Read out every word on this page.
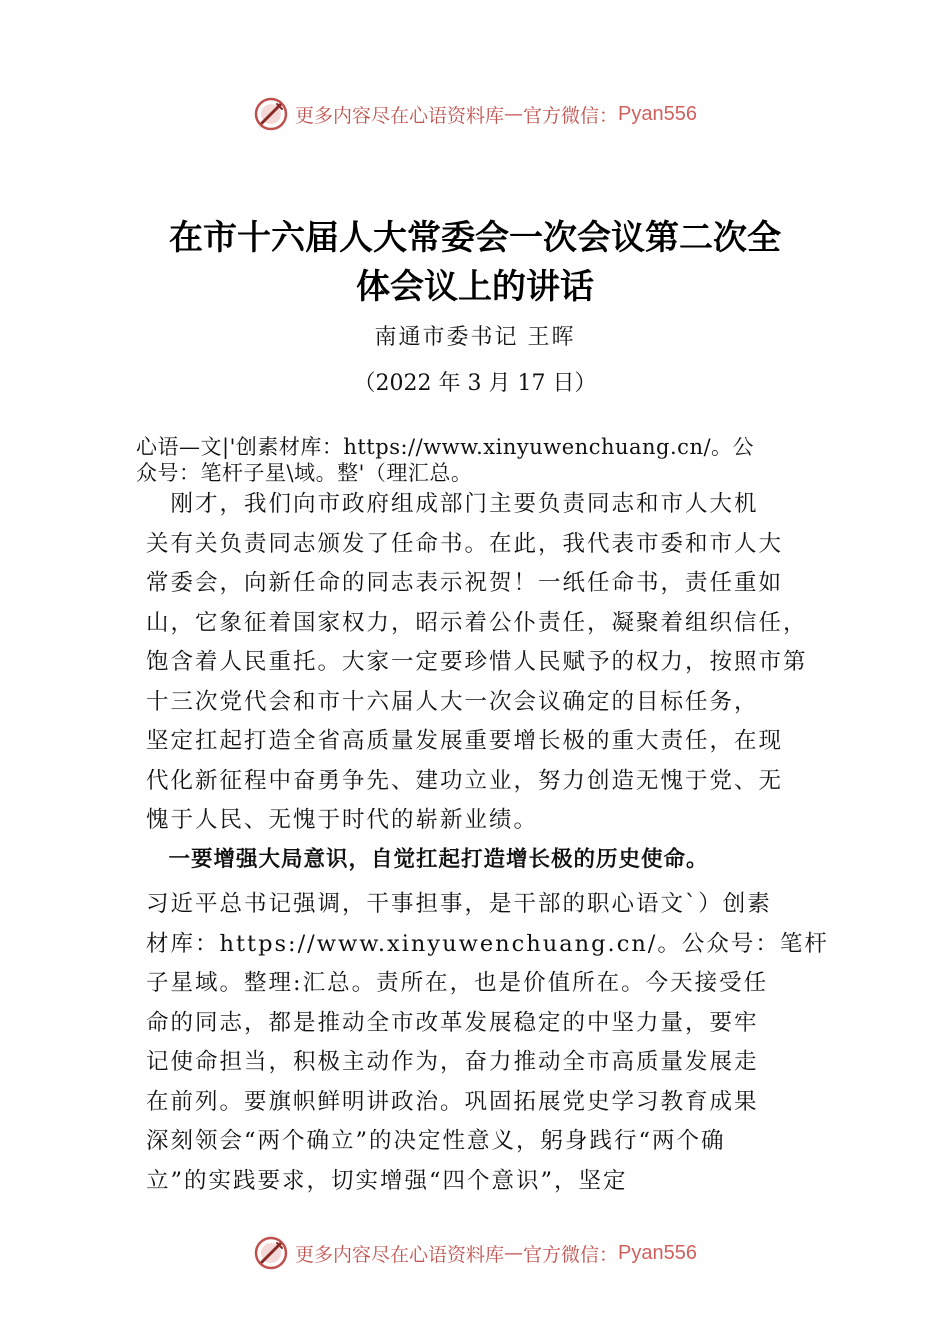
更多内容尽在心语资料库 — 官方微信： Pyan556
在市十六届人大常委会一次会议第二次全
体会议上的讲话
南通市委书记 王晖
（2022 年 3 月 17 日）
心语—文|'创素材库：https://www.xinyuwenchuang.cn/。公
众号：笔杆子星\域。整'（理汇总。
　刚才，我们向市政府组成部门主要负责同志和市人大机
关有关负责同志颁发了任命书。在此，我代表市委和市人大
常委会，向新任命的同志表示祝贺！一纸任命书，责任重如
山，它象征着国家权力，昭示着公仆责任，凝聚着组织信任，
饱含着人民重托。大家一定要珍惜人民赋予的权力，按照市第
十三次党代会和市十六届人大一次会议确定的目标任务，
坚定扛起打造全省高质量发展重要增长极的重大责任，在现
代化新征程中奋勇争先、建功立业，努力创造无愧于党、无
愧于人民、无愧于时代的崭新业绩。
　一要增强大局意识，自觉扛起打造增长极的历史使命。
习近平总书记强调，干事担事，是干部的职心语文`）创素
材库：https://www.xinyuwenchuang.cn/。公众号：笔杆
子星域。整理:汇总。责所在，也是价值所在。今天接受任
命的同志，都是推动全市改革发展稳定的中坚力量，要牢
记使命担当，积极主动作为，奋力推动全市高质量发展走
在前列。要旗帜鲜明讲政治。巩固拓展党史学习教育成果
深刻领会“两个确立”的决定性意义，躬身践行“两个确
立”的实践要求，切实增强“四个意识”，坚定
更多内容尽在心语资料库 — 官方微信： Pyan556
